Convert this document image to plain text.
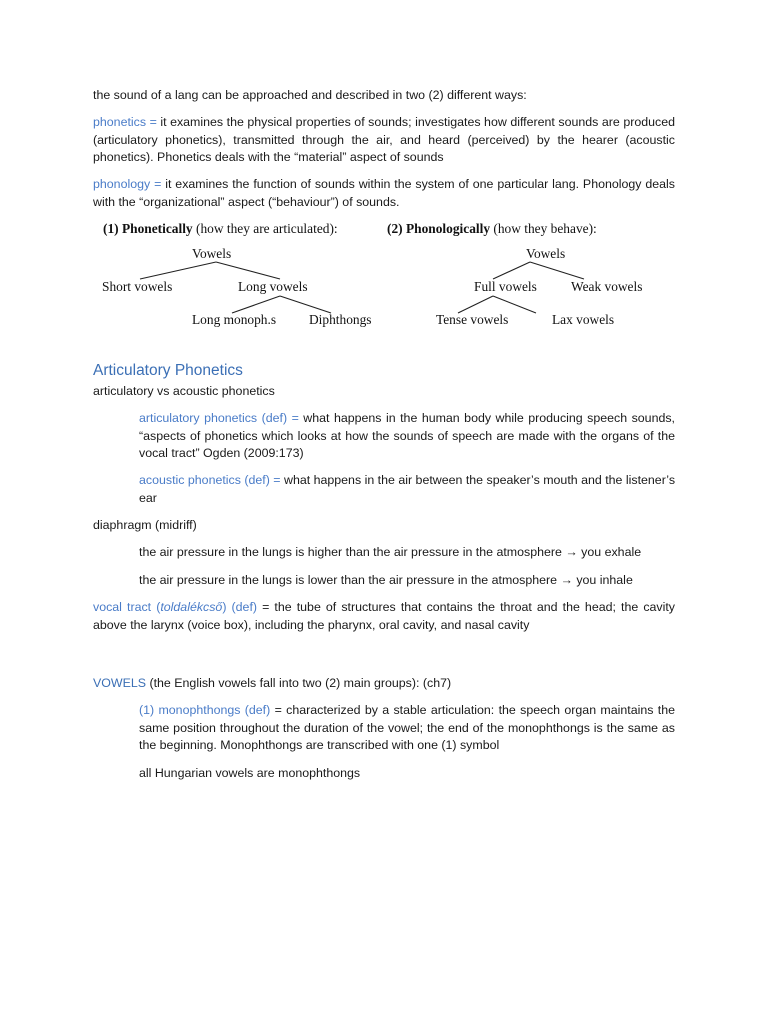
the sound of a lang can be approached and described in two (2) different ways:
phonetics = it examines the physical properties of sounds; investigates how different sounds are produced (articulatory phonetics), transmitted through the air, and heard (perceived) by the hearer (acoustic phonetics). Phonetics deals with the “material” aspect of sounds
phonology = it examines the function of sounds within the system of one particular lang. Phonology deals with the “organizational” aspect (“behaviour”) of sounds.
(1) Phonetically (how they are articulated):
Vowels
Short vowels	Long vowels
Long monoph.s Diphthongs
(2) Phonologically (how they behave):
Vowels
Full vowels	Weak vowels
Tense vowels	Lax vowels
Articulatory Phonetics
articulatory vs acoustic phonetics
articulatory phonetics (def) = what happens in the human body while producing speech sounds, “aspects of phonetics which looks at how the sounds of speech are made with the organs of the vocal tract” Ogden (2009:173)
acoustic phonetics (def) = what happens in the air between the speaker’s mouth and the listener’s ear
diaphragm (midriff)
the air pressure in the lungs is higher than the air pressure in the atmosphere → you exhale
the air pressure in the lungs is lower than the air pressure in the atmosphere → you inhale
vocal tract (toldalékcső) (def) = the tube of structures that contains the throat and the head; the cavity above the larynx (voice box), including the pharynx, oral cavity, and nasal cavity
VOWELS (the English vowels fall into two (2) main groups): (ch7)
(1) monophthongs (def) = characterized by a stable articulation: the speech organ maintains the same position throughout the duration of the vowel; the end of the monophthongs is the same as the beginning. Monophthongs are transcribed with one (1) symbol
all Hungarian vowels are monophthongs
